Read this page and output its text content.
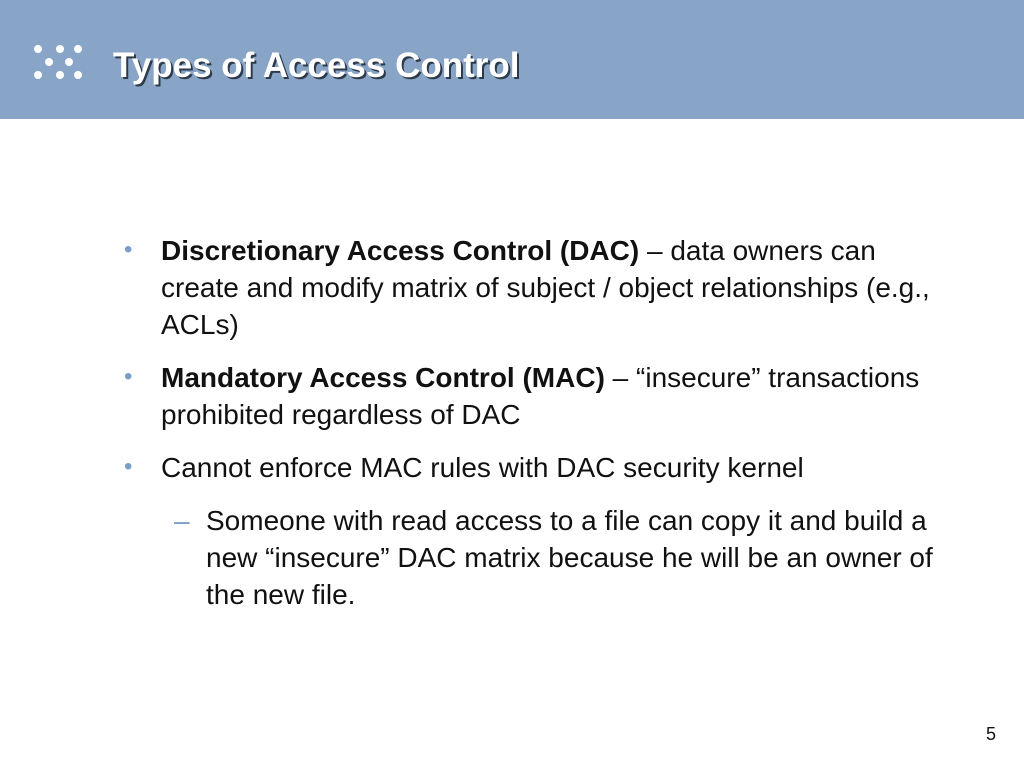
Types of Access Control
• Discretionary Access Control (DAC) – data owners can create and modify matrix of subject / object relationships (e.g., ACLs)
• Mandatory Access Control (MAC) – “insecure” transactions prohibited regardless of DAC
• Cannot enforce MAC rules with DAC security kernel
– Someone with read access to a file can copy it and build a new “insecure” DAC matrix because he will be an owner of the new file.
5
